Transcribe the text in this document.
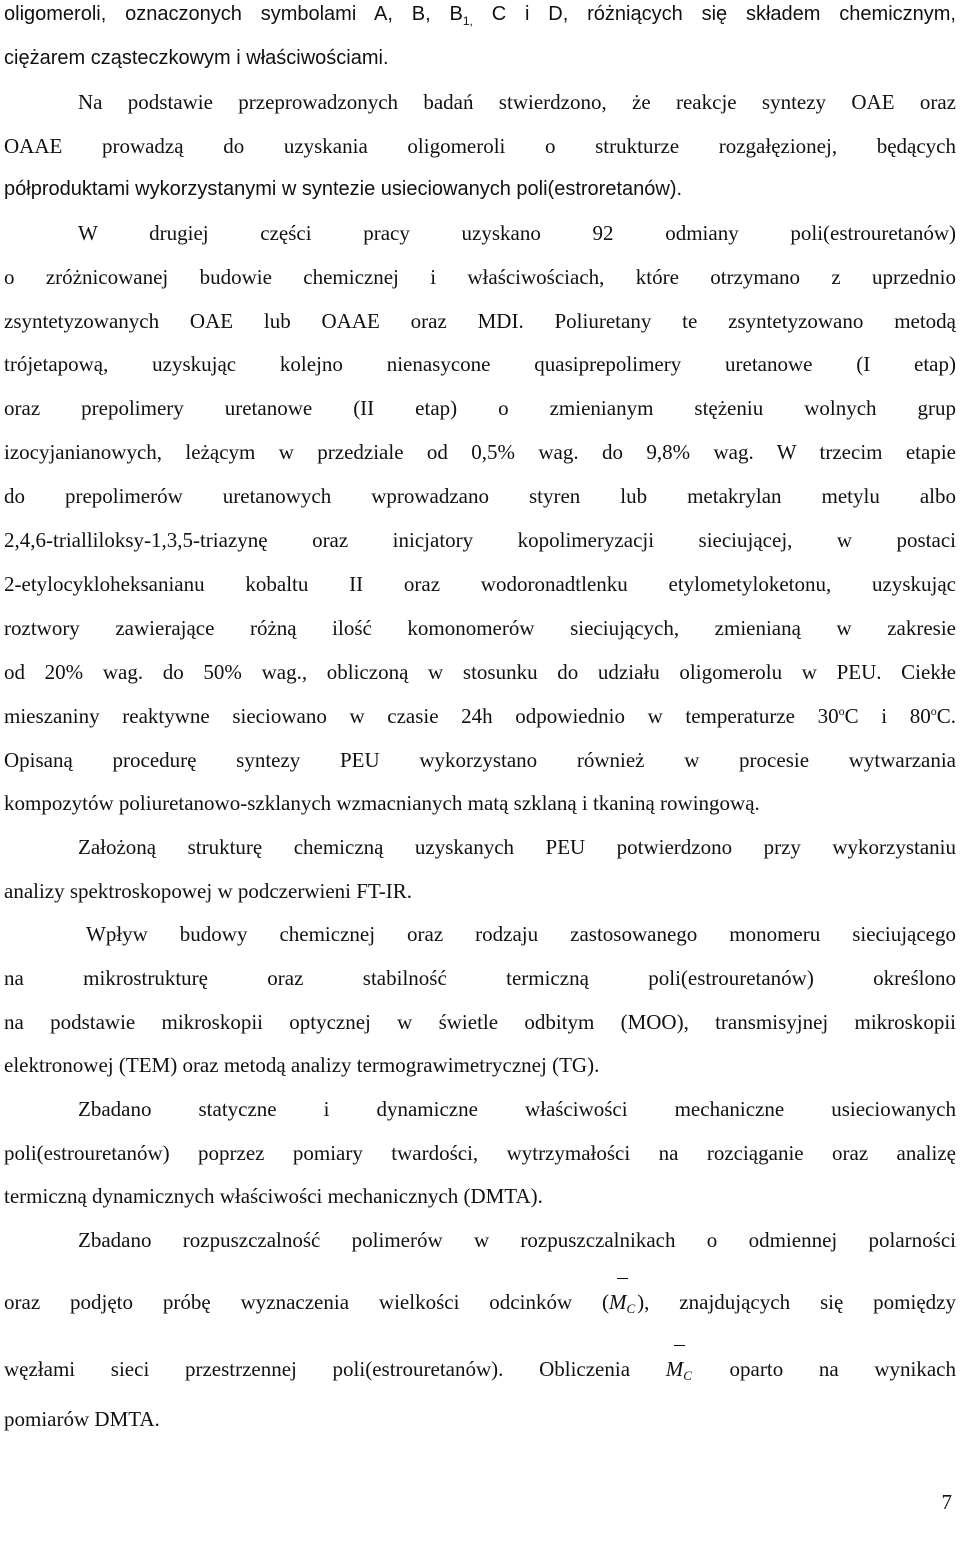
oligomeroli, oznaczonych symbolami A, B, $B_{1,}$ C i D, różniących się składem chemicznym,
ciężarem cząsteczkowym i właściwościami.
Na podstawie przeprowadzonych badań stwierdzono, że reakcje syntezy OAE oraz
OAAE prowadzą do uzyskania oligomeroli o strukturze rozgałęzionej, będących
półproduktami wykorzystanymi w syntezie usieciowanych poli(estroretanów).
W drugiej części pracy uzyskano 92 odmiany poli(estrouretanów)
o zróżnicowanej budowie chemicznej i właściwościach, które otrzymano z uprzednio
zsyntetyzowanych OAE lub OAAE oraz MDI. Poliuretany te zsyntetyzowano metodą
trójetapową, uzyskując kolejno nienasycone quasiprepolimery uretanowe (I etap)
oraz prepolimery uretanowe (II etap) o zmienianym stężeniu wolnych grup
izocyjanianowych, leżącym w przedziale od 0,5% wag. do 9,8% wag. W trzecim etapie
do prepolimerów uretanowych wprowadzano styren lub metakrylan metylu albo
2,4,6-trialliloksy-1,3,5-triazynę oraz inicjatory kopolimeryzacji sieciującej, w postaci
2-etylocykloheksanianu kobaltu II oraz wodoronadtlenku etylometyloketonu, uzyskując
roztwory zawierające różną ilość komonomerów sieciujących, zmienianą w zakresie
od 20% wag. do 50% wag., obliczoną w stosunku do udziału oligomerolu w PEU. Ciekłe
mieszaniny reaktywne sieciowano w czasie 24h odpowiednio w temperaturze 30$^o$C i 80$^o$C.
Opisaną procedurę syntezy PEU wykorzystano również w procesie wytwarzania
kompozytów poliuretanowo-szklanych wzmacnianych matą szklaną i tkaniną rowingową.
Założoną strukturę chemiczną uzyskanych PEU potwierdzono przy wykorzystaniu
analizy spektroskopowej w podczerwieni FT-IR.
Wpływ budowy chemicznej oraz rodzaju zastosowanego monomeru sieciującego
na mikrostrukturę oraz stabilność termiczną poli(estrouretanów) określono
na podstawie mikroskopii optycznej w świetle odbitym (MOO), transmisyjnej mikroskopii
elektronowej (TEM) oraz metodą analizy termograwimetrycznej (TG).
Zbadano statyczne i dynamiczne właściwości mechaniczne usieciowanych
poli(estrouretanów) poprzez pomiary twardości, wytrzymałości na rozciąganie oraz analizę
termiczną dynamicznych właściwości mechanicznych (DMTA).
Zbadano rozpuszczalność polimerów w rozpuszczalnikach o odmiennej polarności
oraz podjęto próbę wyznaczenia wielkości odcinków (
$M_C$), znajdujących się pomiędzy
węzłami sieci przestrzennej poli(estrouretanów). Obliczenia $M_C$ oparto na wynikach
pomiarów DMTA.
7
